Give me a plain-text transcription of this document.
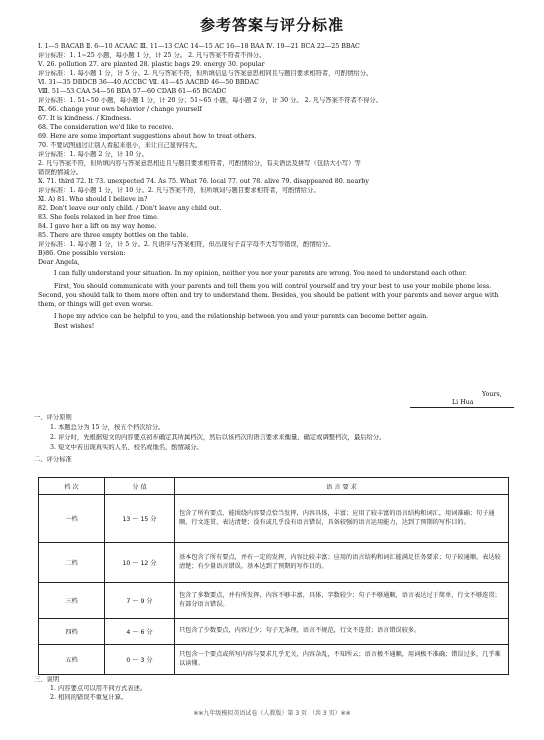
参考答案与评分标准
Ⅰ. 1—5 BACAB Ⅱ. 6—10 ACAAC Ⅲ. 11—13 CAC 14—15 AC 16—18 BAA Ⅳ. 19—21 BCA 22—25 BBAC
评分标准：1. 1~25 小题，每小题 1 分，计 25 分。 2. 凡与答案不符者不得分。
Ⅴ. 26. pollution 27. are planted 28. plastic bags 29. energy 30. popular
评分标准：1. 每小题 1 分，计 5 分。2. 凡与答案不符，但所填信息与答案意思相同且与题目要求相符者，可酌情给分。
Ⅵ. 31—35 DBDCB 36—40 ACCBC Ⅶ. 41—45 AACBD 46—50 BBDAC
Ⅷ. 51—53 CAA 54—56 BDA 57—60 CDAB 61—65 BCADC
评分标准：1. 51~50 小题，每小题 1 分，计 20 分；51~65 小题，每小题 2 分，计 30 分。 2. 凡与答案不符者不得分。
Ⅸ. 66. change your own behavior / change yourself
67. It is kindness. / Kindness.
68. The consideration we'd like to receive.
69. Here are some important suggestions about how to treat others.
70. 不要试图通过让别人看起来很小，来让自己显得伟大。
评分标准：1. 每小题 2 分，计 10 分。
2. 凡与答案不符，但所填内容与答案意思相近且与题目要求相符者，可酌情给分，有关语法及拼写（包括大小写）等
错误酌情减分。
Ⅹ. 71. third 72. It 73. unexpected 74. As 75. What 76. local 77. out 78. alive 79. disappeared 80. nearby
评分标准：1. 每小题 1 分，计 10 分。2. 凡与答案不符，但所填词与题目要求相符者，可酌情给分。
Ⅺ. A) 81. Who should I believe in?
82. Don't leave our only child. / Don't leave any child out.
83. She feels relaxed in her free time.
84. I gave her a lift on my way home.
85. There are three empty bottles on the table.
评分标准：1. 每小题 1 分，计 5 分。2. 凡语序与答案相符，但出现句子首字母不大写等错误，酌情给分。
B)86. One possible version:
Dear Angela,
I can fully understand your situation. In my opinion, neither you nor your parents are wrong. You need to understand each other.
First, You should communicate with your parents and tell them you will control yourself and try your best to use your mobile phone less. Second, you should talk to them more often and try to understand them. Besides, you should be patient with your parents and never argue with them, or things will get even worse.
I hope my advice can be helpful to you, and the relationship between you and your parents can become better again.
Best wishes!
Yours,
Li Hua
一、评分原则
1. 本题总分为 15 分，按五个档次给分。
2. 评分时，先根据短文的内容要点初步确定其所属档次，然后以该档次的语言要求来衡量、确定或调整档次，最后给分。
3. 短文中若出现真实的人名、校名或地名，酌情减分。
二、评分标准
档 次	分 值	语 言 要 求
一档	13 ～ 15 分	包含了所有要点，能围绕内容要点恰当发挥，内容具体，丰富；应用了较丰富的语言结构和词汇，用词准确；句子通顺，行文连贯，表达清楚；没有或几乎没有语言错误，具备较强的语言运用能力，达到了预期的写作目的。
二档	10 ～ 12 分	基本包含了所有要点，并有一定的发挥，内容比较丰富；应用的语言结构和词汇能满足任务要求；句子较通顺，表达较清楚；有少量语言错误，基本达到了预期的写作目的。
三档	7 ～ 9 分	包含了多数要点，并有所发挥，内容不够丰富，具体，字数较少；句子不够通顺，语言表达过于简单，行文不够连贯；有部分语言错误。
四档	4 ～ 6 分	只包含了少数要点，内容过少；句子无条理，语言不规范，行文不连贯；语言错误较多。
五档	0 ～ 3 分	只包含一个要点或所写内容与要求几乎无关，内容杂乱，不知所云；语言极不通顺，用词极不准确；错误过多，几乎难以读懂。
三、说明
1. 内容要点可以用不同方式表述。
2. 相同的错误不重复计算。
※※九年级模拟英语试卷（人教版）第 3 页 （共 3 页）※※
